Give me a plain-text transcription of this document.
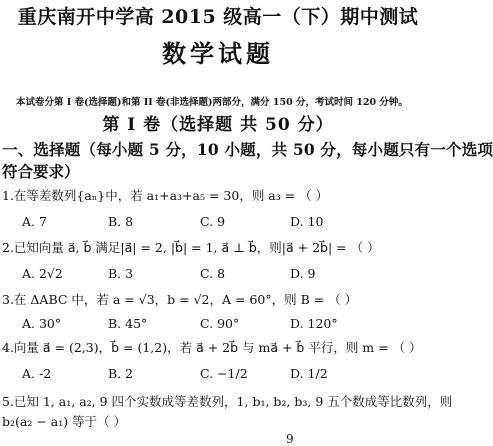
重庆南开中学高 2015 级高一（下）期中测试
数学试题
本试卷分第 I 卷(选择题)和第 II 卷(非选择题)两部分，满分 150 分，考试时间 120 分钟。
第 I 卷（选择题 共 50 分）
一、选择题（每小题 5 分，10 小题，共 50 分，每小题只有一个选项
符合要求）
1.在等差数列{aₙ}中，若 a₁+a₃+a₅ = 30，则 a₃ = （ ）
A. 7	B. 8	C. 9	D. 10
2.已知向量 a⃗, b⃗ 满足|a⃗| = 2, |b⃗| = 1, a⃗ ⊥ b⃗，则|a⃗ + 2b⃗| = （ ）
A. 2√2	B. 3	C. 8	D. 9
3.在 ΔABC 中，若 a = √3，b = √2，A = 60°，则 B = （ ）
A. 30°	B. 45°	C. 90°	D. 120°
4.向量 a⃗ = (2,3)，b⃗ = (1,2)，若 a⃗ + 2b⃗ 与 ma⃗ + b⃗ 平行，则 m = （ ）
A. -2	B. 2	C. −1/2	D. 1/2
5.已知 1, a₁, a₂, 9 四个实数成等差数列，1, b₁, b₂, b₃, 9 五个数成等比数列，则
b₂(a₂ − a₁) 等于（ ）
9
